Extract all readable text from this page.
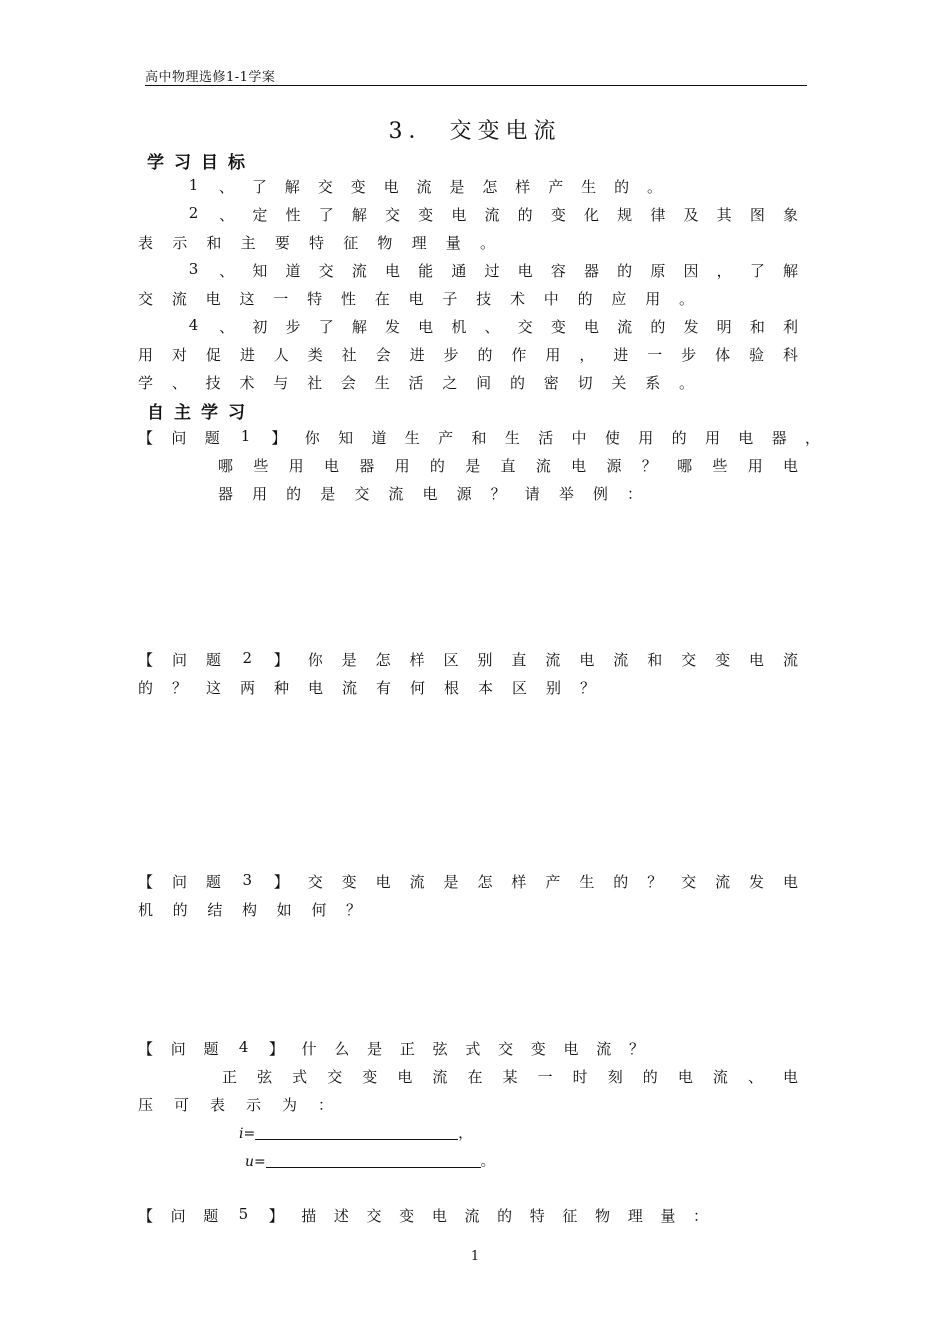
高中物理选修1-1学案
3． 交变电流
学习目标
自主学习
1 、 了 解 交 变 电 流 是 怎 样 产 生 的 。
2 、 定 性 了 解 交 变 电 流 的 变 化 规 律 及 其 图 象
表 示 和 主 要 特 征 物 理 量 。
3 、 知 道 交 流 电 能 通 过 电 容 器 的 原 因 ， 了 解
交 流 电 这 一 特 性 在 电 子 技 术 中 的 应 用 。
4 、 初 步 了 解 发 电 机 、 交 变 电 流 的 发 明 和 利
用 对 促 进 人 类 社 会 进 步 的 作 用 ， 进 一 步 体 验 科
学 、 技 术 与 社 会 生 活 之 间 的 密 切 关 系 。
【 问 题 1 】 你 知 道 生 产 和 生 活 中 使 用 的 用 电 器 ，
哪 些 用 电 器 用 的 是 直 流 电 源 ？ 哪 些 用 电
器 用 的 是 交 流 电 源 ？ 请 举 例 ：
【 问 题 2 】 你 是 怎 样 区 别 直 流 电 流 和 交 变 电 流
的 ？ 这 两 种 电 流 有 何 根 本 区 别 ？
【 问 题 3 】 交 变 电 流 是 怎 样 产 生 的 ？ 交 流 发 电
机 的 结 构 如 何 ？
【 问 题 4 】 什 么 是 正 弦 式 交 变 电 流 ？
正 弦 式 交 变 电 流 在 某 一 时 刻 的 电 流 、 电
压 可 表 示 为 ：
【 问 题 5 】 描 述 交 变 电 流 的 特 征 物 理 量 ：
i=	，
u=	。
1
